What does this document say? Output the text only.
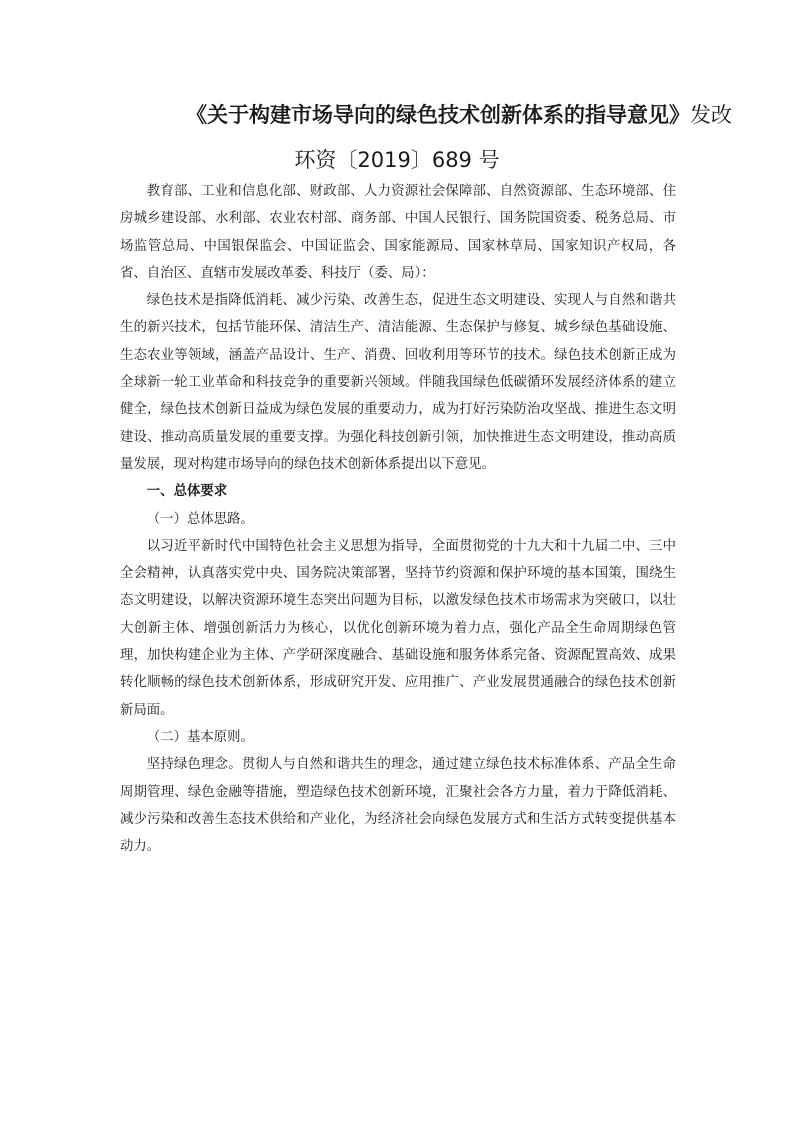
《关于构建市场导向的绿色技术创新体系的指导意见》发改
环资〔2019〕689 号

教育部、工业和信息化部、财政部、人力资源社会保障部、自然资源部、生态环境部、住房城乡建设部、水利部、农业农村部、商务部、中国人民银行、国务院国资委、税务总局、市场监管总局、中国银保监会、中国证监会、国家能源局、国家林草局、国家知识产权局，各省、自治区、直辖市发展改革委、科技厅（委、局）：

绿色技术是指降低消耗、减少污染、改善生态，促进生态文明建设、实现人与自然和谐共生的新兴技术，包括节能环保、清洁生产、清洁能源、生态保护与修复、城乡绿色基础设施、生态农业等领域，涵盖产品设计、生产、消费、回收利用等环节的技术。绿色技术创新正成为全球新一轮工业革命和科技竞争的重要新兴领域。伴随我国绿色低碳循环发展经济体系的建立健全，绿色技术创新日益成为绿色发展的重要动力，成为打好污染防治攻坚战、推进生态文明建设、推动高质量发展的重要支撑。为强化科技创新引领，加快推进生态文明建设，推动高质量发展，现对构建市场导向的绿色技术创新体系提出以下意见。

一、总体要求

（一）总体思路。

以习近平新时代中国特色社会主义思想为指导，全面贯彻党的十九大和十九届二中、三中全会精神，认真落实党中央、国务院决策部署，坚持节约资源和保护环境的基本国策，围绕生态文明建设，以解决资源环境生态突出问题为目标，以激发绿色技术市场需求为突破口，以壮大创新主体、增强创新活力为核心，以优化创新环境为着力点，强化产品全生命周期绿色管理，加快构建企业为主体、产学研深度融合、基础设施和服务体系完备、资源配置高效、成果转化顺畅的绿色技术创新体系，形成研究开发、应用推广、产业发展贯通融合的绿色技术创新新局面。

（二）基本原则。

坚持绿色理念。贯彻人与自然和谐共生的理念，通过建立绿色技术标准体系、产品全生命周期管理、绿色金融等措施，塑造绿色技术创新环境，汇聚社会各方力量，着力于降低消耗、减少污染和改善生态技术供给和产业化，为经济社会向绿色发展方式和生活方式转变提供基本动力。
